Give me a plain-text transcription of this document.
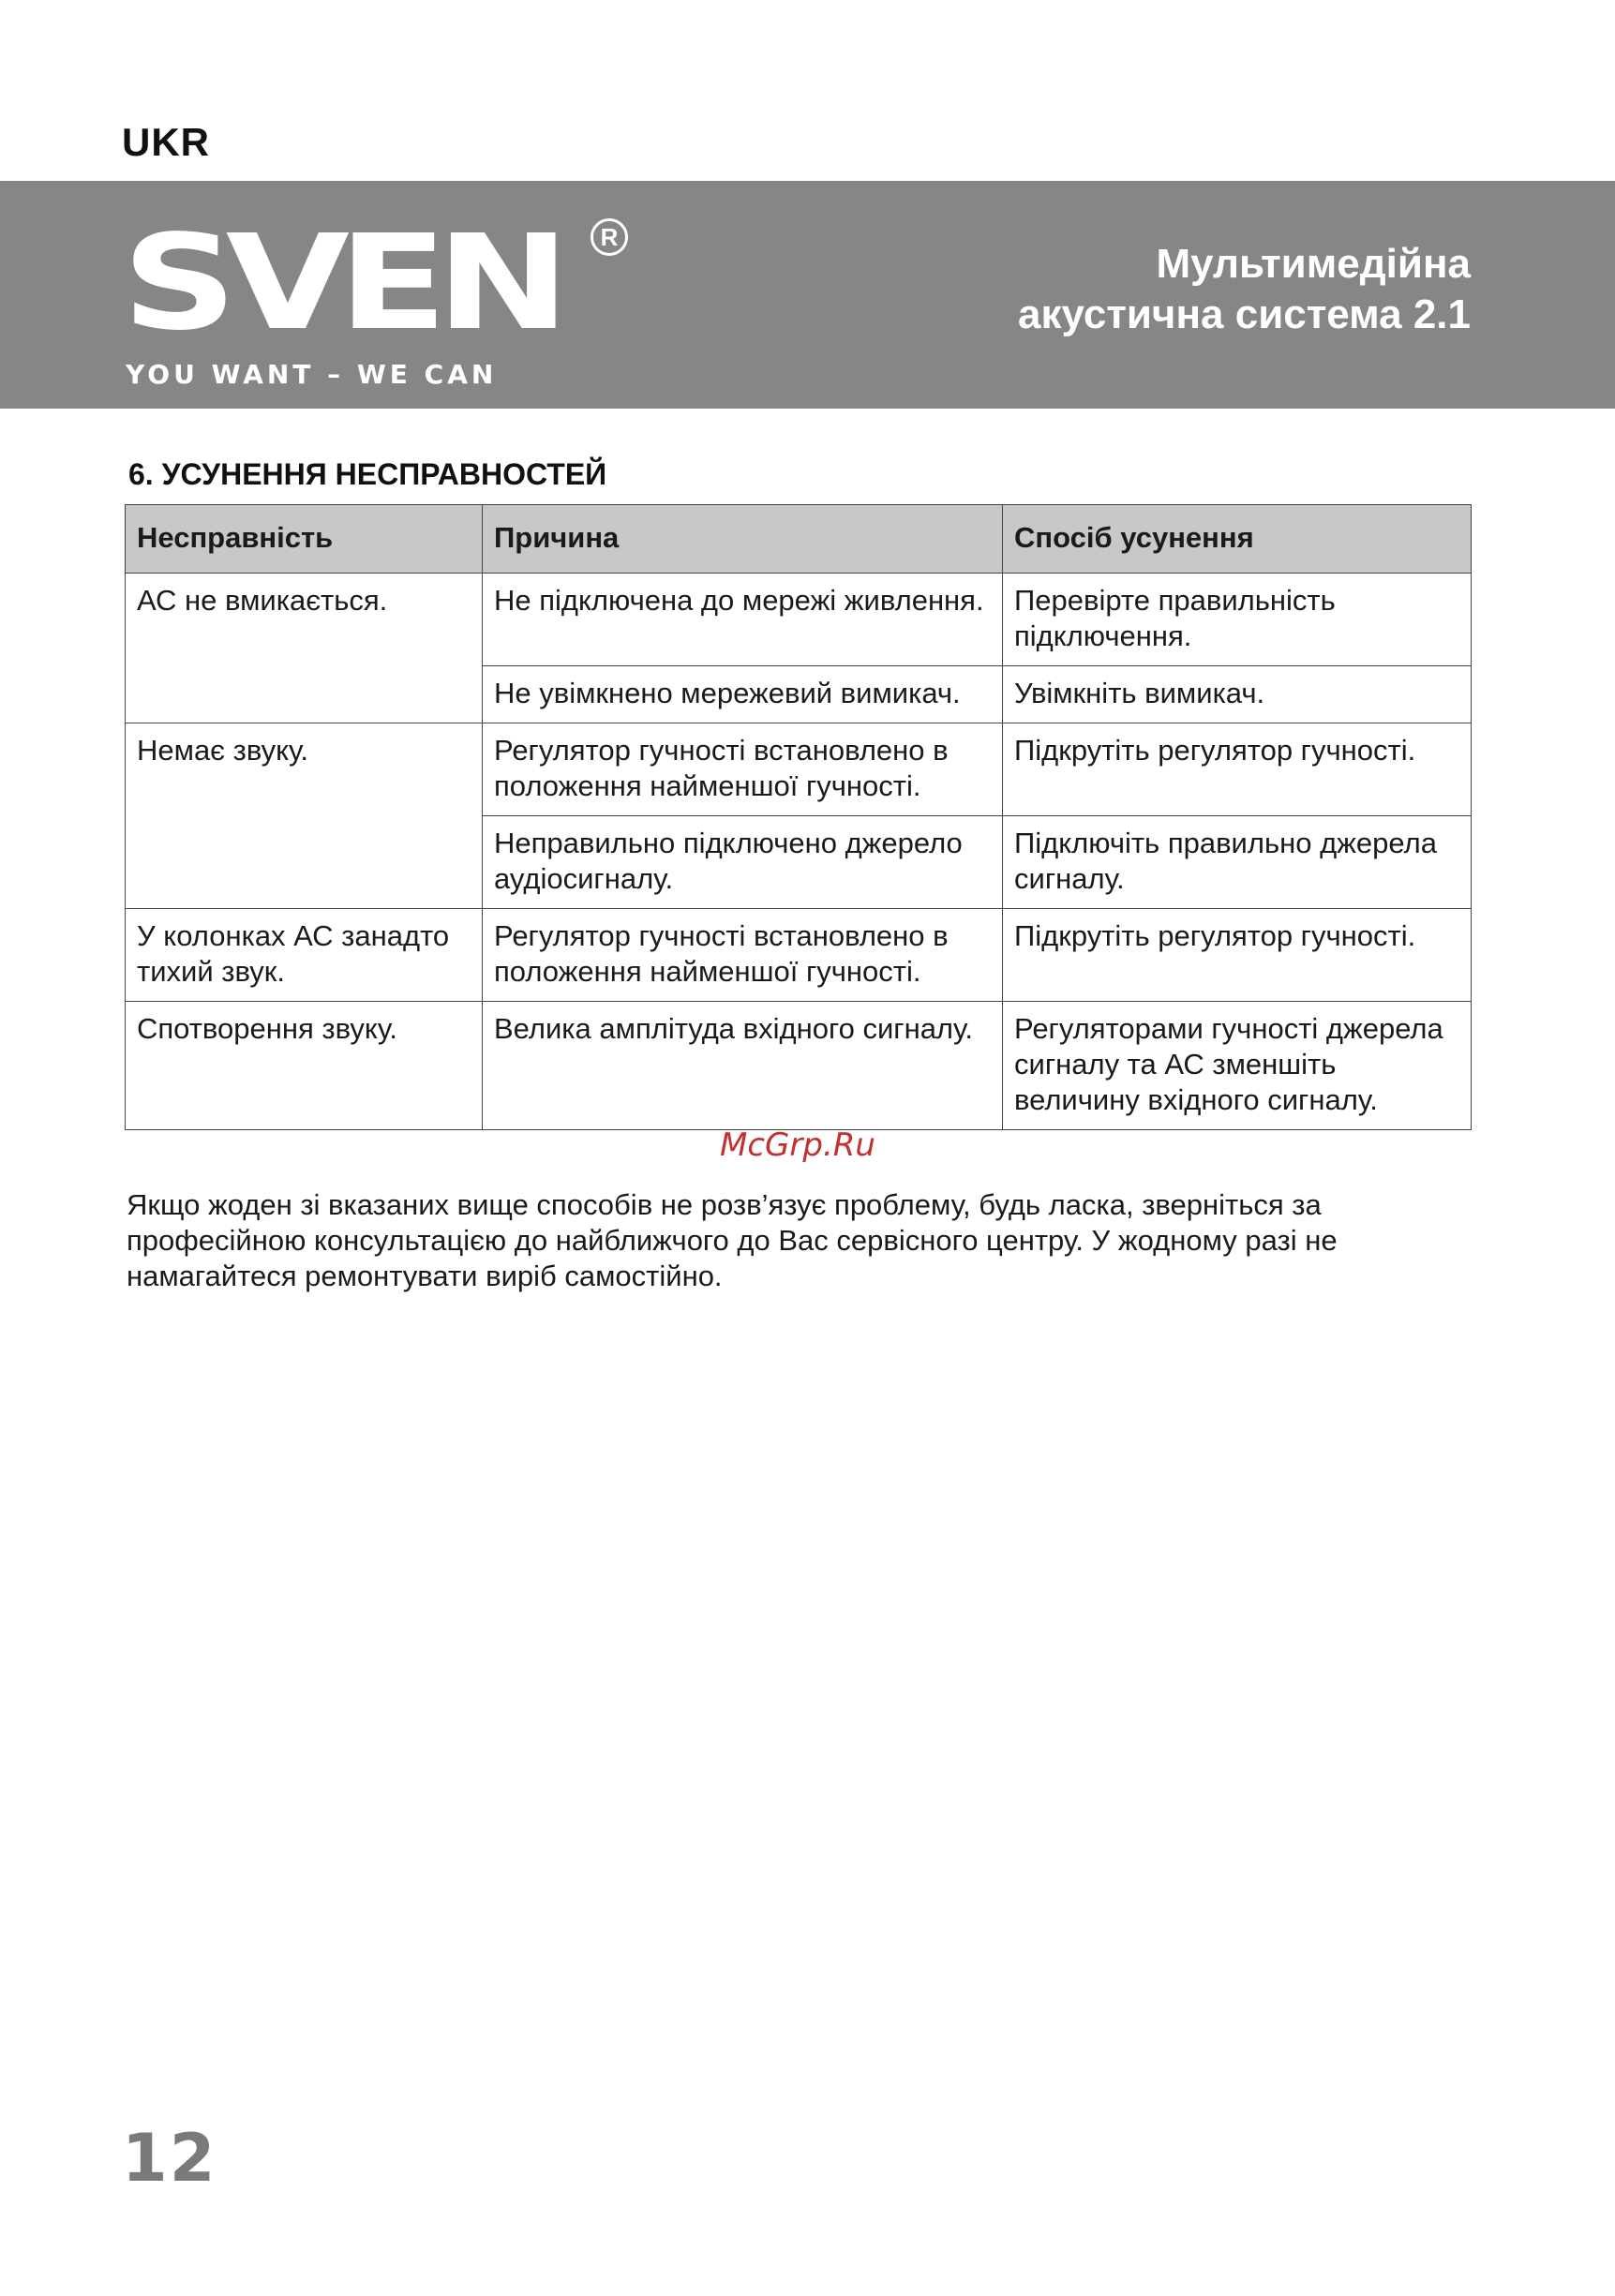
UKR
SVEN	R
YOU WANT – WE CAN
Мультимедійна
акустична система 2.1
6. УСУНЕННЯ НЕСПРАВНОСТЕЙ
Несправність	Причина	Спосіб усунення
АС не вмикається.	Не підключена до мережі живлення.	Перевірте правильність підключення.
	Не увімкнено мережевий вимикач.	Увімкніть вимикач.
Немає звуку.	Регулятор гучності встановлено в положення найменшої гучності.	Підкрутіть регулятор гучності.
	Неправильно підключено джерело аудіосигналу.	Підключіть правильно джерела сигналу.
У колонках АС занадто тихий звук.	Регулятор гучності встановлено в положення найменшої гучності.	Підкрутіть регулятор гучності.
Спотворення звуку.	Велика амплітуда вхідного сигналу.	Регуляторами гучності джерела сигналу та АС зменшіть величину вхідного сигналу.
McGrp.Ru

Якщо жоден зі вказаних вище способів не розв’язує проблему, будь ласка, зверніться за професійною консультацією до найближчого до Вас сервісного центру. У жодному разі не намагайтеся ремонтувати виріб самостійно.

12
